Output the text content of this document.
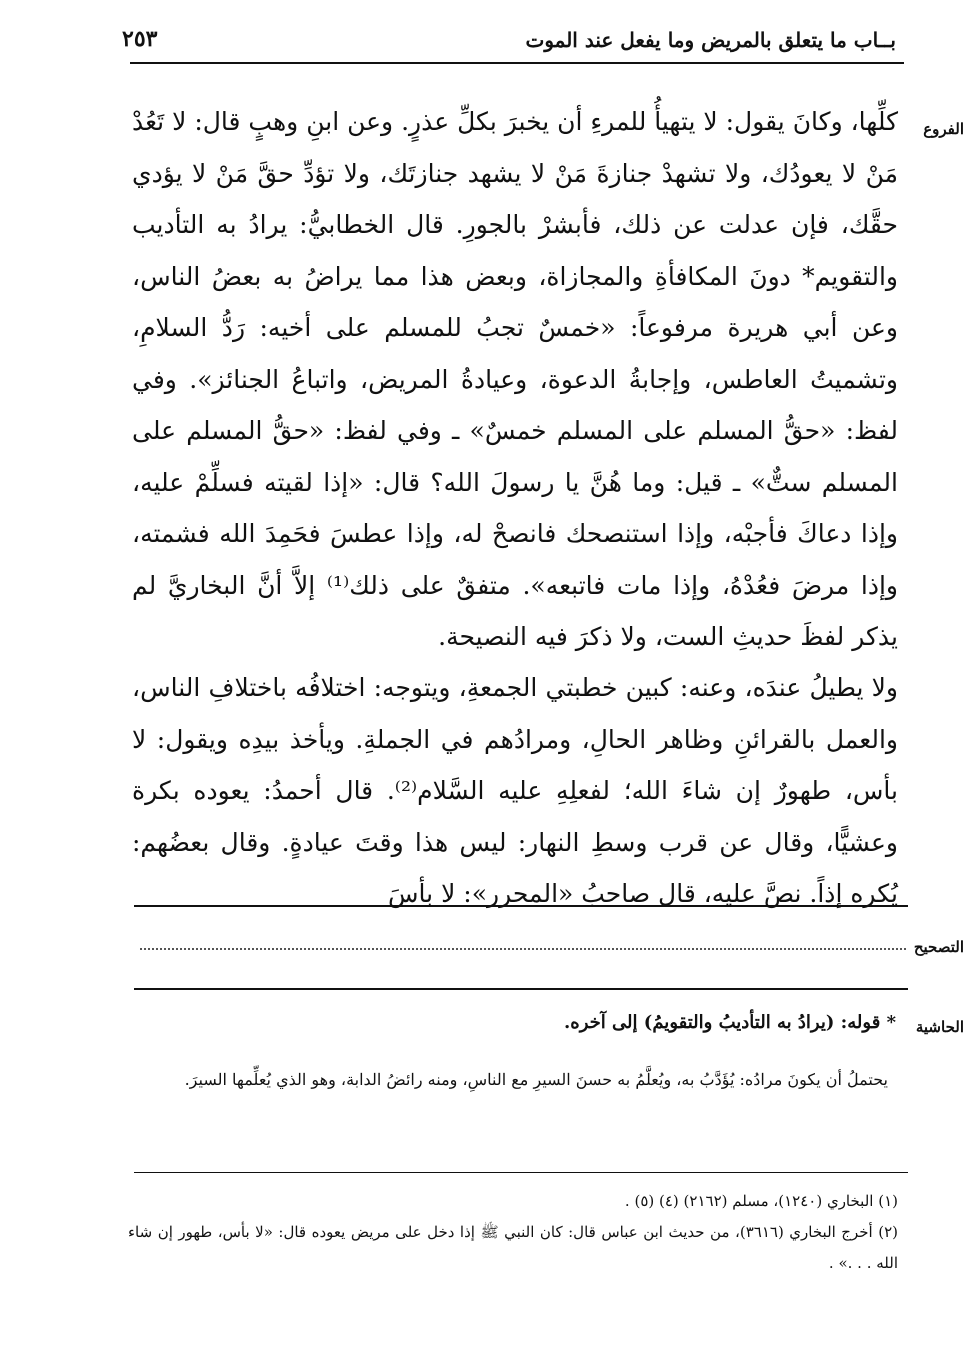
بــاب ما يتعلق بالمريض وما يفعل عند الموت
٢٥٣
الفروع
التصحيح
الحاشية

كلِّها، وكانَ يقول: لا يتهيأُ للمرءِ أن يخبرَ بكلِّ عذرٍ. وعن ابنِ وهبٍ قال: لا تَعُدْ مَنْ لا يعودُك، ولا تشهدْ جنازةَ مَنْ لا يشهد جنازتَك، ولا تؤدِّ حقَّ مَنْ لا يؤدي حقَّك، فإن عدلت عن ذلك، فأبشرْ بالجورِ. قال الخطابيُّ: يرادُ به التأديب والتقويم* دونَ المكافأةِ والمجازاة، وبعض هذا مما يراضُ به بعضُ الناس، وعن أبي هريرة مرفوعاً: «خمسٌ تجبُ للمسلم على أخيه: رَدُّ السلامِ، وتشميتُ العاطس، وإجابةُ الدعوة، وعيادةُ المريض، واتباعُ الجنائز». وفي لفظ: «حقُّ المسلم على المسلم خمسٌ» ـ وفي لفظ: «حقُّ المسلم على المسلم ستٌّ» ـ قيل: وما هُنَّ يا رسولَ الله؟ قال: «إذا لقيته فسلِّمْ عليه، وإذا دعاكَ فأجبْه، وإذا استنصحك فانصحْ له، وإذا عطسَ فحَمِدَ الله فشمته، وإذا مرضَ فعُدْهُ، وإذا مات فاتبعه». متفقٌ على ذلك⁽¹⁾ إلاَّ أنَّ البخاريَّ لم يذكر لفظَ حديثِ الست، ولا ذكرَ فيه النصيحة.

ولا يطيلُ عندَه، وعنه: كبين خطبتي الجمعةِ، ويتوجه: اختلافُه باختلافِ الناس، والعمل بالقرائنِ وظاهر الحالِ، ومرادُهم في الجملةِ. ويأخذ بيدِه ويقول: لا بأس، طهورٌ إن شاءَ الله؛ لفعلِهِ عليه السَّلام⁽²⁾. قال أحمدُ: يعوده بكرة وعشيًّا، وقال عن قرب وسطِ النهار: ليس هذا وقتَ عيادةٍ. وقال بعضُهم: يُكره إذاً. نصَّ عليه، قال صاحبُ «المحرر»: لا بأسَ

* قوله: (يرادُ به التأديبُ والتقويمُ) إلى آخره.
يحتملُ أن يكونَ مرادُه: يُؤَدَّبُ به، ويُعلَّمُ به حسنَ السيرِ مع الناسِ، ومنه رائضُ الدابة، وهو الذي يُعلِّمها السيرَ.

(١) البخاري (١٢٤٠)، مسلم (٢١٦٢) (٤) (٥) .

(٢) أخرج البخاري (٣٦١٦)، من حديث ابن عباس قال: كان النبي ﷺ إذا دخل على مريض يعوده قال: «لا بأس، طهور إن شاء الله . . .» .
